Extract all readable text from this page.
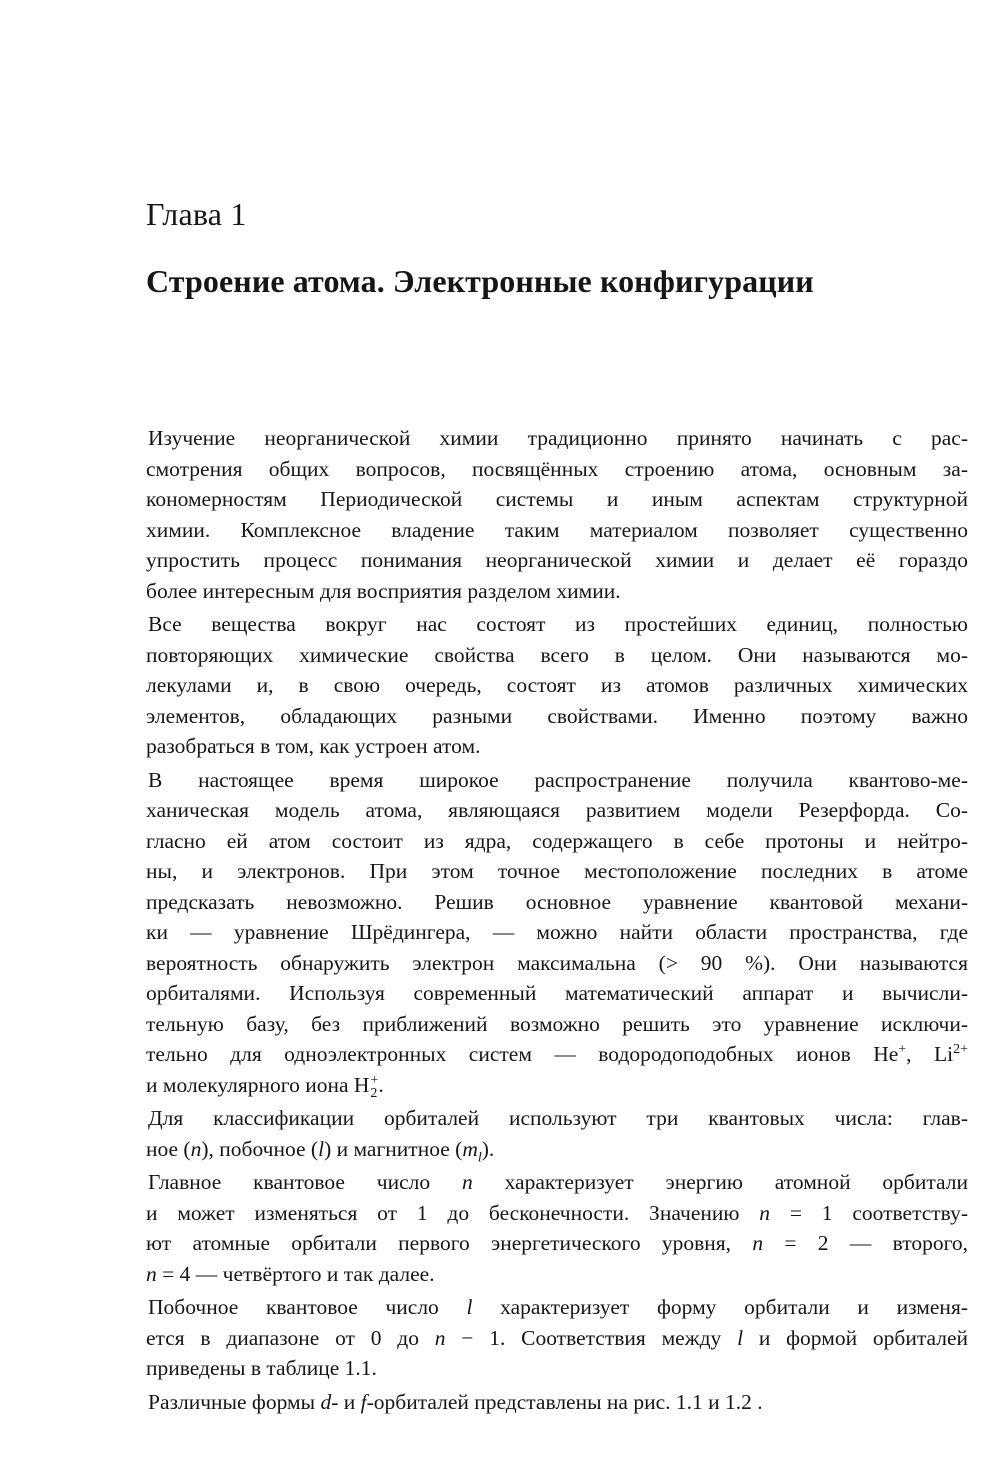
Глава 1
Строение атома. Электронные конфигурации
Изучение неорганической химии традиционно принято начинать с рас-
смотрения общих вопросов, посвящённых строению атома, основным за-
кономерностям Периодической системы и иным аспектам структурной
химии. Комплексное владение таким материалом позволяет существенно
упростить процесс понимания неорганической химии и делает её гораздо
более интересным для восприятия разделом химии.
Все вещества вокруг нас состоят из простейших единиц, полностью
повторяющих химические свойства всего в целом. Они называются мо-
лекулами и, в свою очередь, состоят из атомов различных химических
элементов, обладающих разными свойствами. Именно поэтому важно
разобраться в том, как устроен атом.
В настоящее время широкое распространение получила квантово-ме-
ханическая модель атома, являющаяся развитием модели Резерфорда. Со-
гласно ей атом состоит из ядра, содержащего в себе протоны и нейтро-
ны, и электронов. При этом точное местоположение последних в атоме
предсказать невозможно. Решив основное уравнение квантовой механи-
ки — уравнение Шрёдингера, — можно найти области пространства, где
вероятность обнаружить электрон максимальна (> 90 %). Они называются
орбиталями. Используя современный математический аппарат и вычисли-
тельную базу, без приближений возможно решить это уравнение исключи-
тельно для одноэлектронных систем — водородоподобных ионов He+, $Li^{2+}$
и молекулярного иона H +
2 .
Для классификации орбиталей используют три квантовых числа: глав-
ное (n), побочное (l) и магнитное $(m_l)$.
Главное квантовое число n характеризует энергию атомной орбитали
и может изменяться от 1 до бесконечности. Значению n = 1 соответству-
ют атомные орбитали первого энергетического уровня, n = 2 — второго,
n = 4 — четвёртого и так далее.
Побочное квантовое число l характеризует форму орбитали и изменя-
ется в диапазоне от 0 до n − 1. Соответствия между l и формой орбиталей
приведены в таблице 1.1.
Различные формы d- и f-орбиталей представлены на рис. 1.1 и 1.2 .
